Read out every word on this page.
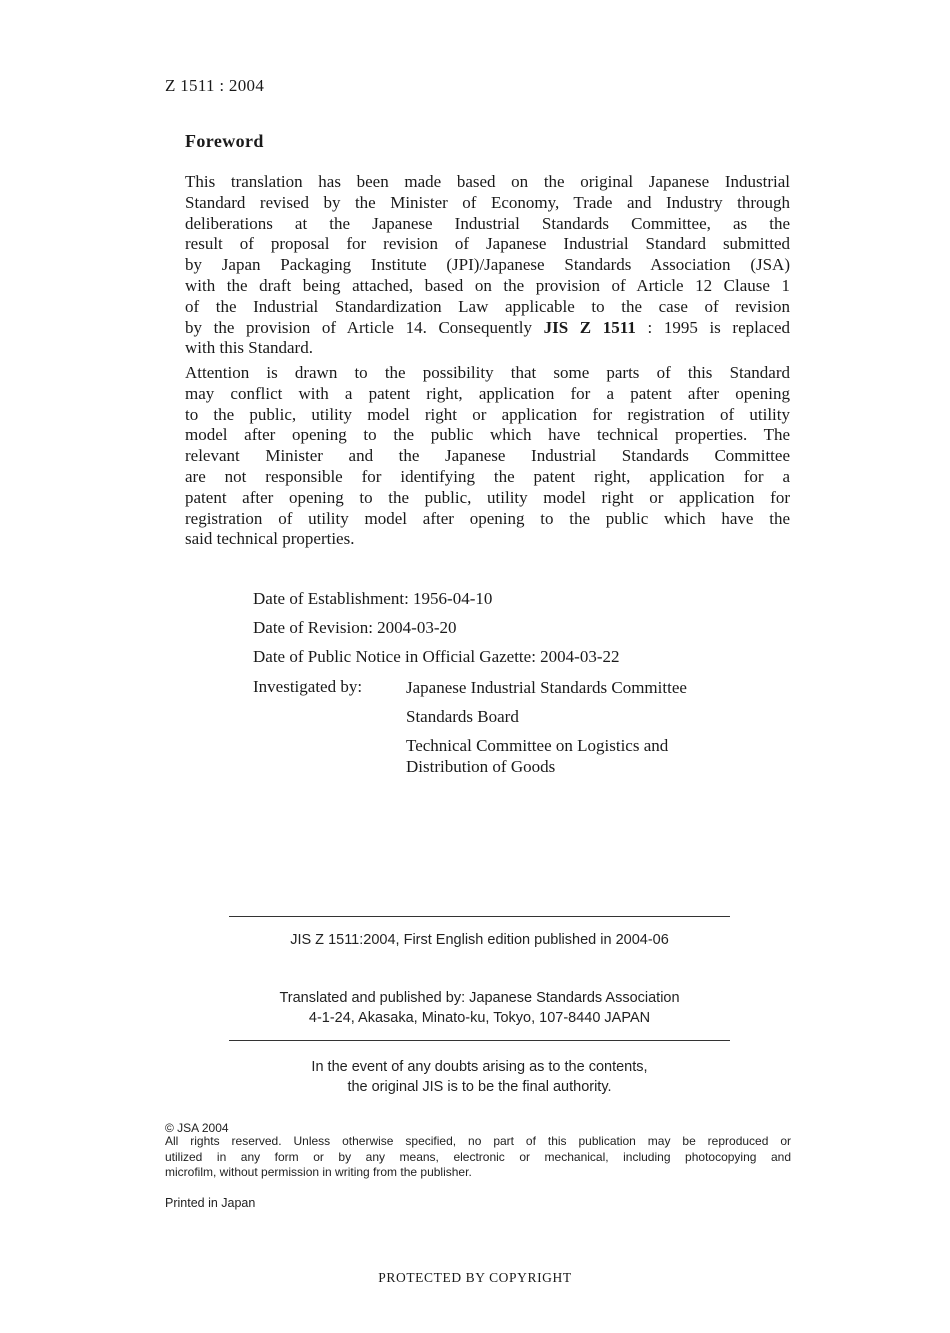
Z 1511 : 2004
Foreword
This translation has been made based on the original Japanese Industrial
Standard revised by the Minister of Economy, Trade and Industry through
deliberations at the Japanese Industrial Standards Committee, as the
result of proposal for revision of Japanese Industrial Standard submitted
by Japan Packaging Institute (JPI)/Japanese Standards Association (JSA)
with the draft being attached, based on the provision of Article 12 Clause 1
of the Industrial Standardization Law applicable to the case of revision
by the provision of Article 14. Consequently JIS Z 1511 : 1995 is replaced
with this Standard.
Attention is drawn to the possibility that some parts of this Standard
may conflict with a patent right, application for a patent after opening
to the public, utility model right or application for registration of utility
model after opening to the public which have technical properties. The
relevant Minister and the Japanese Industrial Standards Committee
are not responsible for identifying the patent right, application for a
patent after opening to the public, utility model right or application for
registration of utility model after opening to the public which have the
said technical properties.
Date of Establishment: 1956-04-10
Date of Revision: 2004-03-20
Date of Public Notice in Official Gazette: 2004-03-22
Investigated by:	Japanese Industrial Standards Committee
Standards Board
Technical Committee on Logistics and
Distribution of Goods
JIS Z 1511:2004, First English edition published in 2004-06
Translated and published by: Japanese Standards Association
4-1-24, Akasaka, Minato-ku, Tokyo, 107-8440 JAPAN
In the event of any doubts arising as to the contents,
the original JIS is to be the final authority.
© JSA 2004
All rights reserved. Unless otherwise specified, no part of this publication may be reproduced or
utilized in any form or by any means, electronic or mechanical, including photocopying and
microfilm, without permission in writing from the publisher.
Printed in Japan
PROTECTED BY COPYRIGHT
